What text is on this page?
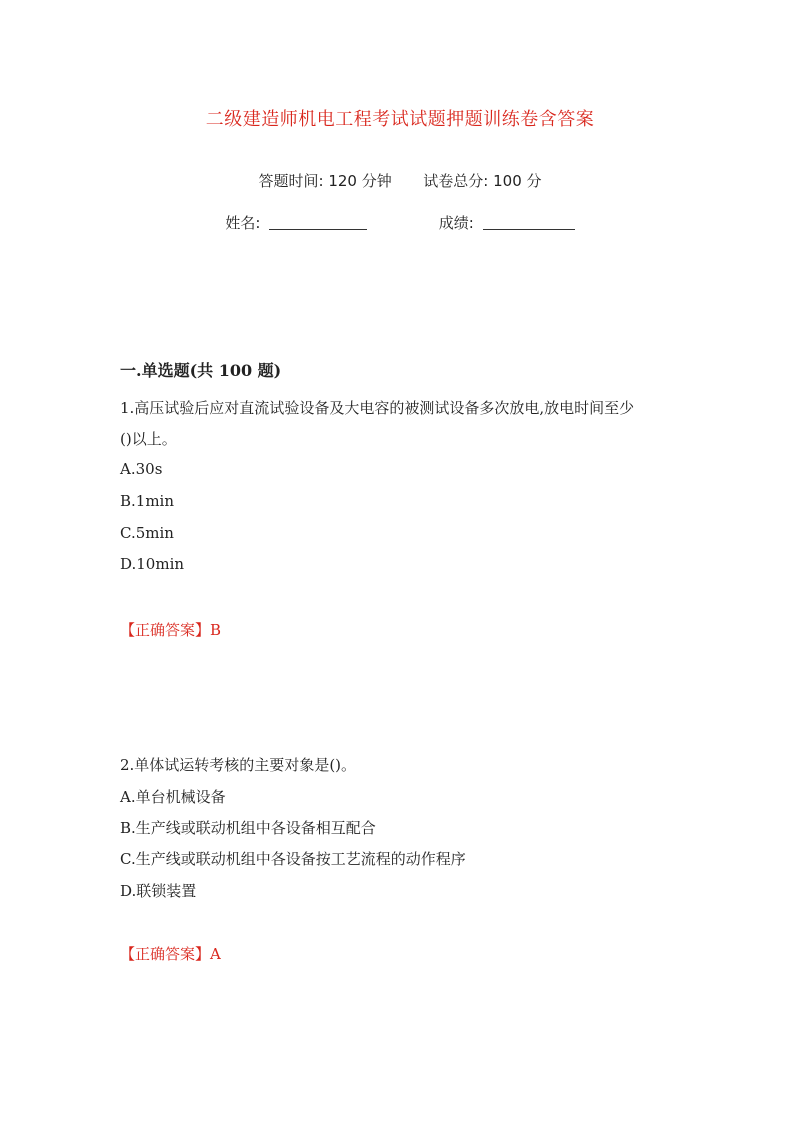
二级建造师机电工程考试试题押题训练卷含答案
答题时间: 120 分钟 试卷总分: 100 分
姓名:	成绩:
一.单选题(共 100 题)
1.高压试验后应对直流试验设备及大电容的被测试设备多次放电,放电时间至少
()以上。
A.30s
B.1min
C.5min
D.10min
【正确答案】B
2.单体试运转考核的主要对象是()。
A.单台机械设备
B.生产线或联动机组中各设备相互配合
C.生产线或联动机组中各设备按工艺流程的动作程序
D.联锁装置
【正确答案】A
